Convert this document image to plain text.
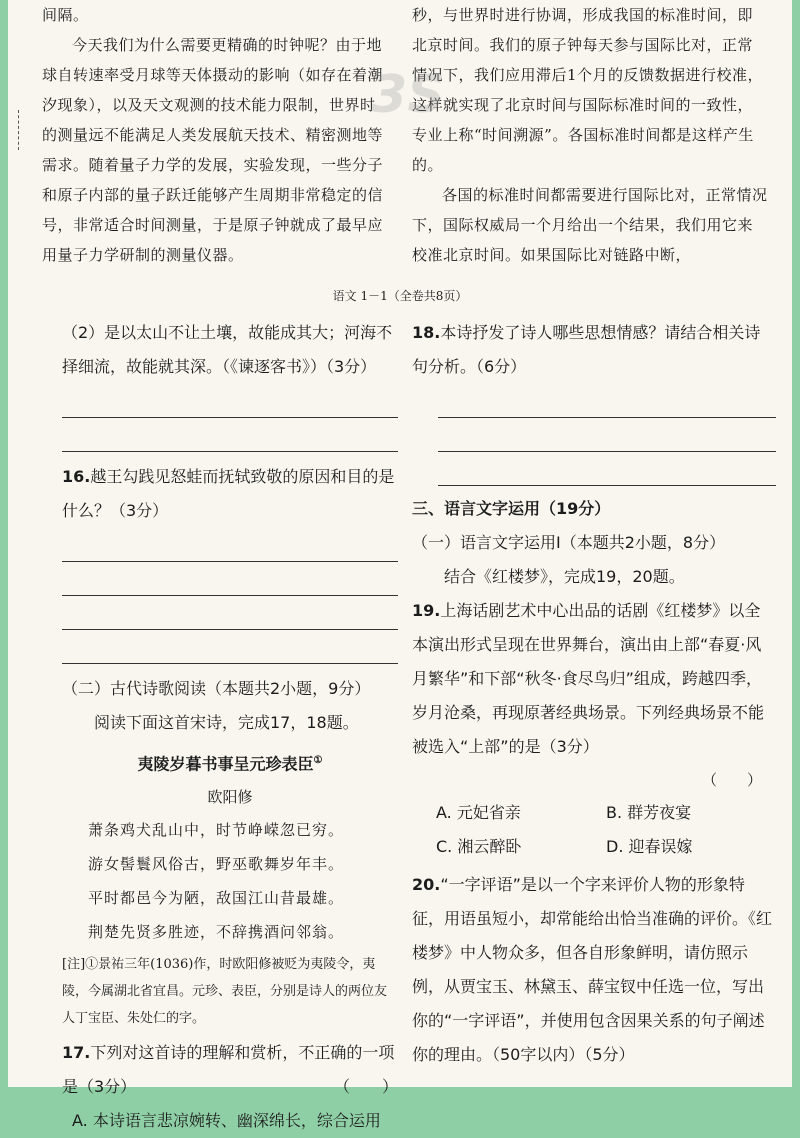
间隔。

今天我们为什么需要更精确的时钟呢？由于地球自转速率受月球等天体摄动的影响（如存在着潮汐现象），以及天文观测的技术能力限制，世界时的测量远不能满足人类发展航天技术、精密测地等需求。随着量子力学的发展，实验发现，一些分子和原子内部的量子跃迁能够产生周期非常稳定的信号，非常适合时间测量，于是原子钟就成了最早应用量子力学研制的测量仪器。

秒，与世界时进行协调，形成我国的标准时间，即北京时间。我们的原子钟每天参与国际比对，正常情况下，我们应用滞后1个月的反馈数据进行校准，这样就实现了北京时间与国际标准时间的一致性，专业上称“时间溯源”。各国标准时间都是这样产生的。

各国的标准时间都需要进行国际比对，正常情况下，国际权威局一个月给出一个结果，我们用它来校准北京时间。如果国际比对链路中断，

3S
语文 1－1（全卷共8页）

（2）是以太山不让土壤，故能成其大；河海不择细流，故能就其深。（《谏逐客书》）（3分）

16.越王勾践见怒蛙而抚轼致敬的原因和目的是什么？（3分）

（二）古代诗歌阅读（本题共2小题，9分）

阅读下面这首宋诗，完成17，18题。

夷陵岁暮书事呈元珍表臣①

欧阳修

萧条鸡犬乱山中，时节峥嵘忽已穷。

游女髻鬟风俗古，野巫歌舞岁年丰。

平时都邑今为陋，敌国江山昔最雄。

荆楚先贤多胜迹，不辞携酒问邻翁。

[注]①景祐三年(1036)作，时欧阳修被贬为夷陵令，夷陵，今属湖北省宜昌。元珍、表臣，分别是诗人的两位友人丁宝臣、朱处仁的字。

17.下列对这首诗的理解和赏析，不正确的一项是（3分）	（　　）

A. 本诗语言悲凉婉转、幽深绵长，综合运用

18.本诗抒发了诗人哪些思想情感？请结合相关诗句分析。（6分）

三、语言文字运用（19分）

（一）语言文字运用Ⅰ（本题共2小题，8分）

结合《红楼梦》，完成19，20题。

19.上海话剧艺术中心出品的话剧《红楼梦》以全本演出形式呈现在世界舞台，演出由上部“春夏·风月繁华”和下部“秋冬·食尽鸟归”组成，跨越四季，岁月沧桑，再现原著经典场景。下列经典场景不能被选入“上部”的是（3分）

（　　）

A. 元妃省亲	B. 群芳夜宴
C. 湘云醉卧	D. 迎春误嫁

20.“一字评语”是以一个字来评价人物的形象特征，用语虽短小，却常能给出恰当准确的评价。《红楼梦》中人物众多，但各自形象鲜明，请仿照示例，从贾宝玉、林黛玉、薛宝钗中任选一位，写出你的“一字评语”，并使用包含因果关系的句子阐述你的理由。（50字以内）（5分）
